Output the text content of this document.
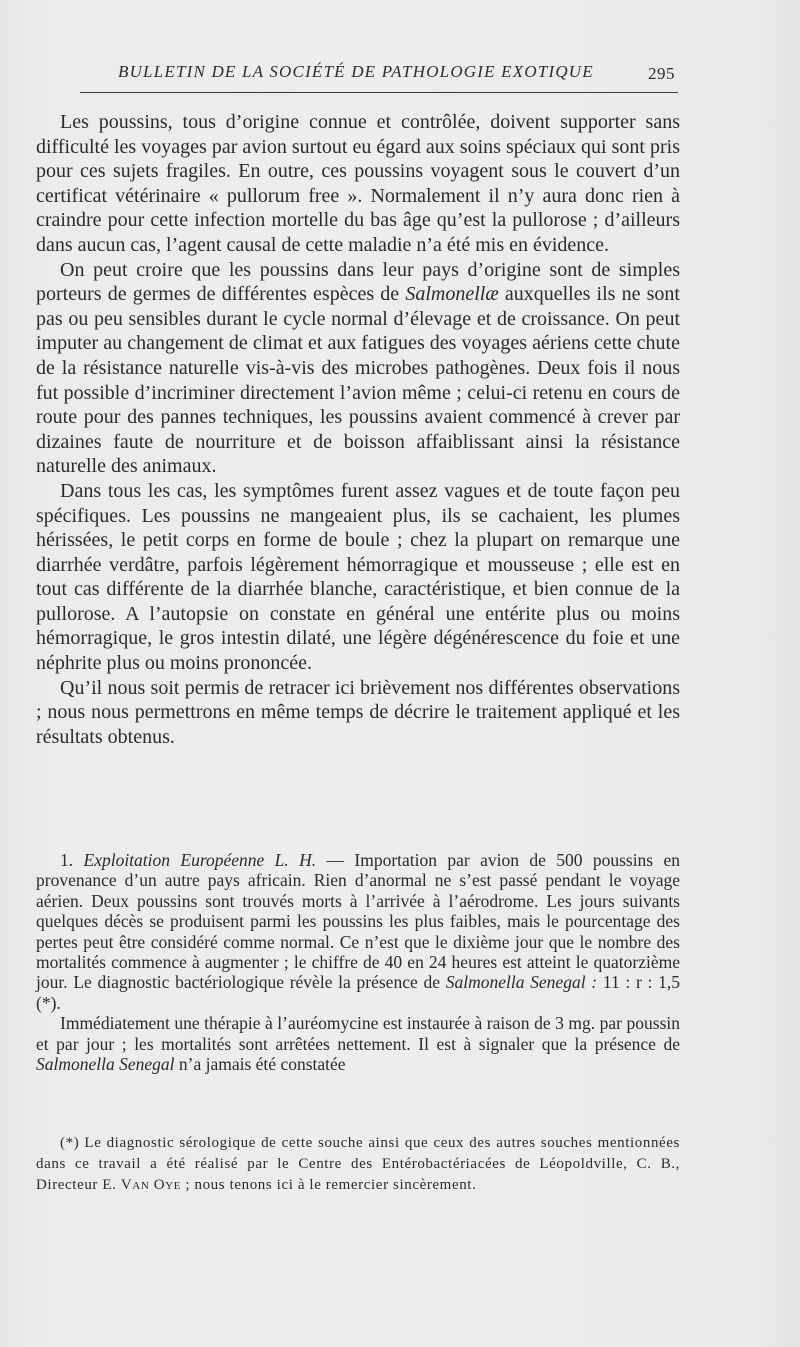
BULLETIN DE LA SOCIÉTÉ DE PATHOLOGIE EXOTIQUE	295

Les poussins, tous d’origine connue et contrôlée, doivent supporter sans difficulté les voyages par avion surtout eu égard aux soins spéciaux qui sont pris pour ces sujets fragiles. En outre, ces poussins voyagent sous le couvert d’un certificat vétérinaire « pullorum free ». Normalement il n’y aura donc rien à craindre pour cette infection mortelle du bas âge qu’est la pullorose ; d’ailleurs dans aucun cas, l’agent causal de cette maladie n’a été mis en évidence.

On peut croire que les poussins dans leur pays d’origine sont de simples porteurs de germes de différentes espèces de Salmonellæ auxquelles ils ne sont pas ou peu sensibles durant le cycle normal d’élevage et de croissance. On peut imputer au changement de climat et aux fatigues des voyages aériens cette chute de la résistance naturelle vis-à-vis des microbes pathogènes. Deux fois il nous fut possible d’incriminer directement l’avion même ; celui-ci retenu en cours de route pour des pannes techniques, les poussins avaient commencé à crever par dizaines faute de nourriture et de boisson affaiblissant ainsi la résistance naturelle des animaux.

Dans tous les cas, les symptômes furent assez vagues et de toute façon peu spécifiques. Les poussins ne mangeaient plus, ils se cachaient, les plumes hérissées, le petit corps en forme de boule ; chez la plupart on remarque une diarrhée verdâtre, parfois légèrement hémorragique et mousseuse ; elle est en tout cas différente de la diarrhée blanche, caractéristique, et bien connue de la pullorose. A l’autopsie on constate en général une entérite plus ou moins hémorragique, le gros intestin dilaté, une légère dégénérescence du foie et une néphrite plus ou moins prononcée.

Qu’il nous soit permis de retracer ici brièvement nos différentes observations ; nous nous permettrons en même temps de décrire le traitement appliqué et les résultats obtenus.

1. Exploitation Européenne L. H. — Importation par avion de 500 poussins en provenance d’un autre pays africain. Rien d’anormal ne s’est passé pendant le voyage aérien. Deux poussins sont trouvés morts à l’arrivée à l’aérodrome. Les jours suivants quelques décès se produisent parmi les poussins les plus faibles, mais le pourcentage des pertes peut être considéré comme normal. Ce n’est que le dixième jour que le nombre des mortalités commence à augmenter ; le chiffre de 40 en 24 heures est atteint le quatorzième jour. Le diagnostic bactériologique révèle la présence de Salmonella Senegal : 11 : r : 1,5 (*).

Immédiatement une thérapie à l’auréomycine est instaurée à raison de 3 mg. par poussin et par jour ; les mortalités sont arrêtées nettement. Il est à signaler que la présence de Salmonella Senegal n’a jamais été constatée

(*) Le diagnostic sérologique de cette souche ainsi que ceux des autres souches mentionnées dans ce travail a été réalisé par le Centre des Entérobactériacées de Léopoldville, C. B., Directeur E. Van Oye ; nous tenons ici à le remercier sincèrement.
